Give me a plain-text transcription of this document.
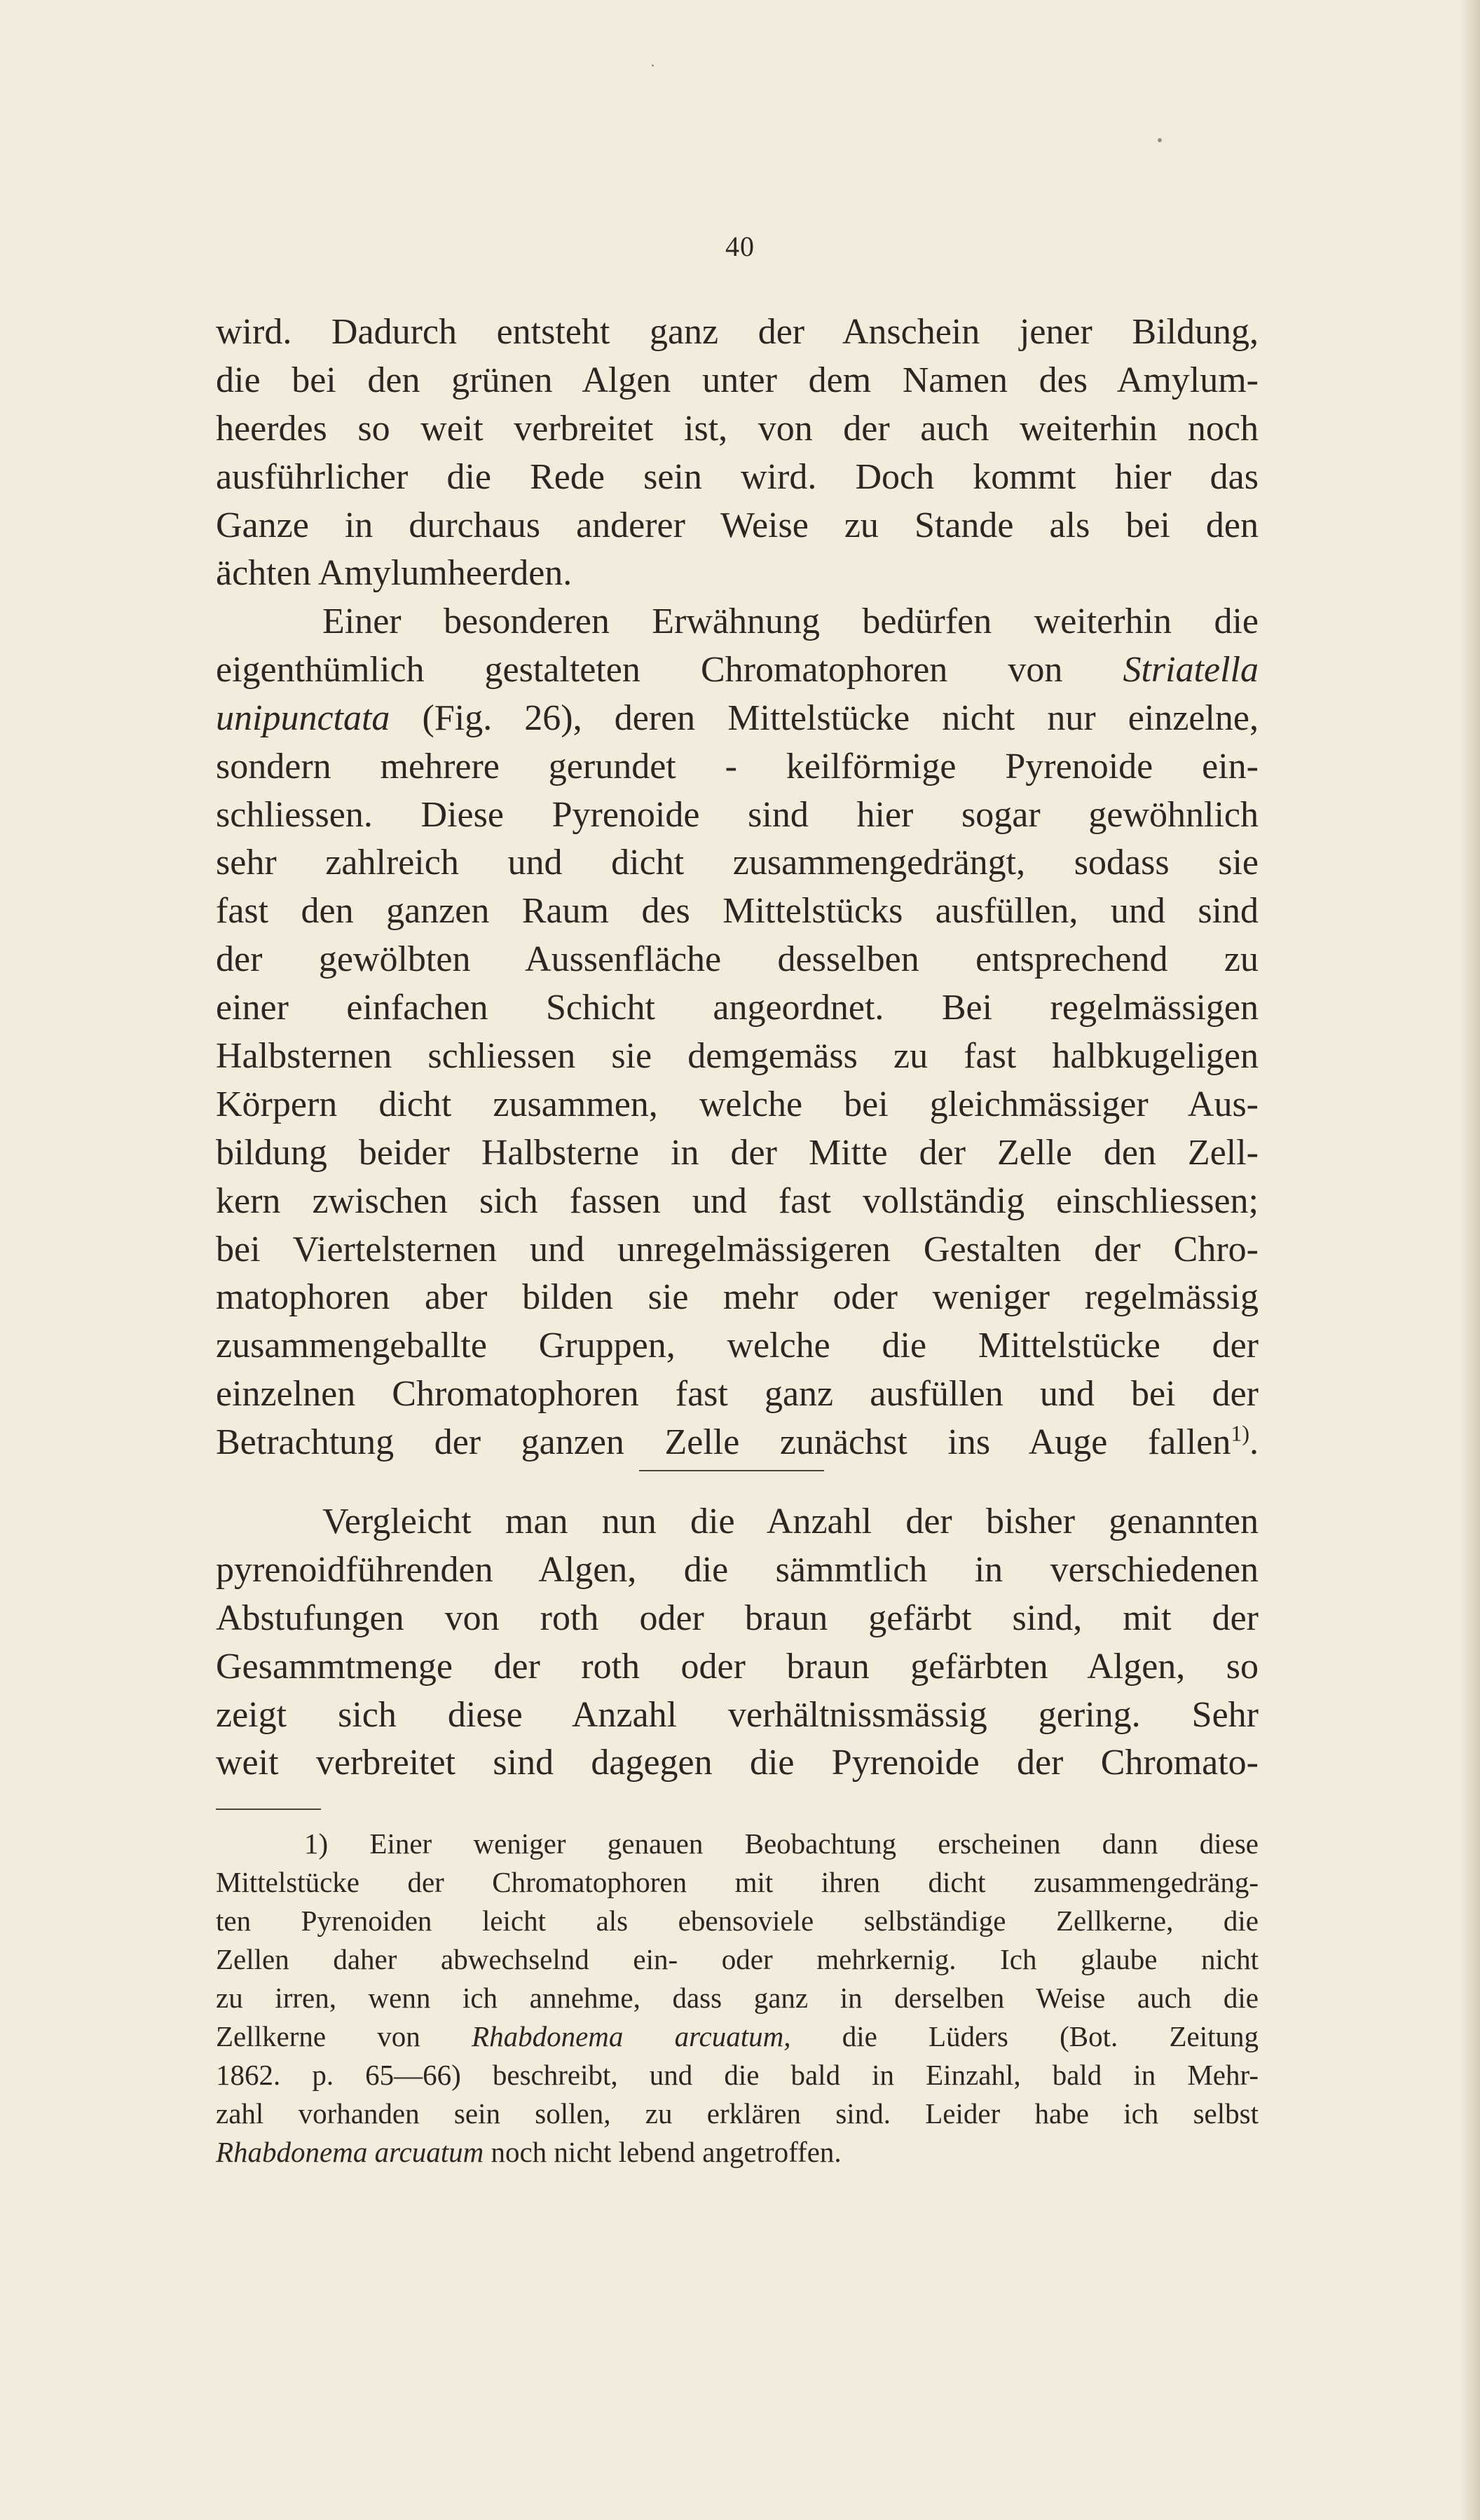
40
wird. Dadurch entsteht ganz der Anschein jener Bildung,
die bei den grünen Algen unter dem Namen des Amylum-
heerdes so weit verbreitet ist, von der auch weiterhin noch
ausführlicher die Rede sein wird. Doch kommt hier das
Ganze in durchaus anderer Weise zu Stande als bei den
ächten Amylumheerden.
Einer besonderen Erwähnung bedürfen weiterhin die
eigenthümlich gestalteten Chromatophoren von Striatella
unipunctata (Fig. 26), deren Mittelstücke nicht nur einzelne,
sondern mehrere gerundet - keilförmige Pyrenoide ein-
schliessen. Diese Pyrenoide sind hier sogar gewöhnlich
sehr zahlreich und dicht zusammengedrängt, sodass sie
fast den ganzen Raum des Mittelstücks ausfüllen, und sind
der gewölbten Aussenfläche desselben entsprechend zu
einer einfachen Schicht angeordnet. Bei regelmässigen
Halbsternen schliessen sie demgemäss zu fast halbkugeligen
Körpern dicht zusammen, welche bei gleichmässiger Aus-
bildung beider Halbsterne in der Mitte der Zelle den Zell-
kern zwischen sich fassen und fast vollständig einschliessen;
bei Viertelsternen und unregelmässigeren Gestalten der Chro-
matophoren aber bilden sie mehr oder weniger regelmässig
zusammengeballte Gruppen, welche die Mittelstücke der
einzelnen Chromatophoren fast ganz ausfüllen und bei der
Betrachtung der ganzen Zelle zunächst ins Auge fallen$^{1)}$.
Vergleicht man nun die Anzahl der bisher genannten
pyrenoidführenden Algen, die sämmtlich in verschiedenen
Abstufungen von roth oder braun gefärbt sind, mit der
Gesammtmenge der roth oder braun gefärbten Algen, so
zeigt sich diese Anzahl verhältnissmässig gering. Sehr
weit verbreitet sind dagegen die Pyrenoide der Chromato-
1) Einer weniger genauen Beobachtung erscheinen dann diese
Mittelstücke der Chromatophoren mit ihren dicht zusammengedräng-
ten Pyrenoiden leicht als ebensoviele selbständige Zellkerne, die
Zellen daher abwechselnd ein- oder mehrkernig. Ich glaube nicht
zu irren, wenn ich annehme, dass ganz in derselben Weise auch die
Zellkerne von Rhabdonema arcuatum, die Lüders (Bot. Zeitung
1862. p. 65—66) beschreibt, und die bald in Einzahl, bald in Mehr-
zahl vorhanden sein sollen, zu erklären sind. Leider habe ich selbst
Rhabdonema arcuatum noch nicht lebend angetroffen.
